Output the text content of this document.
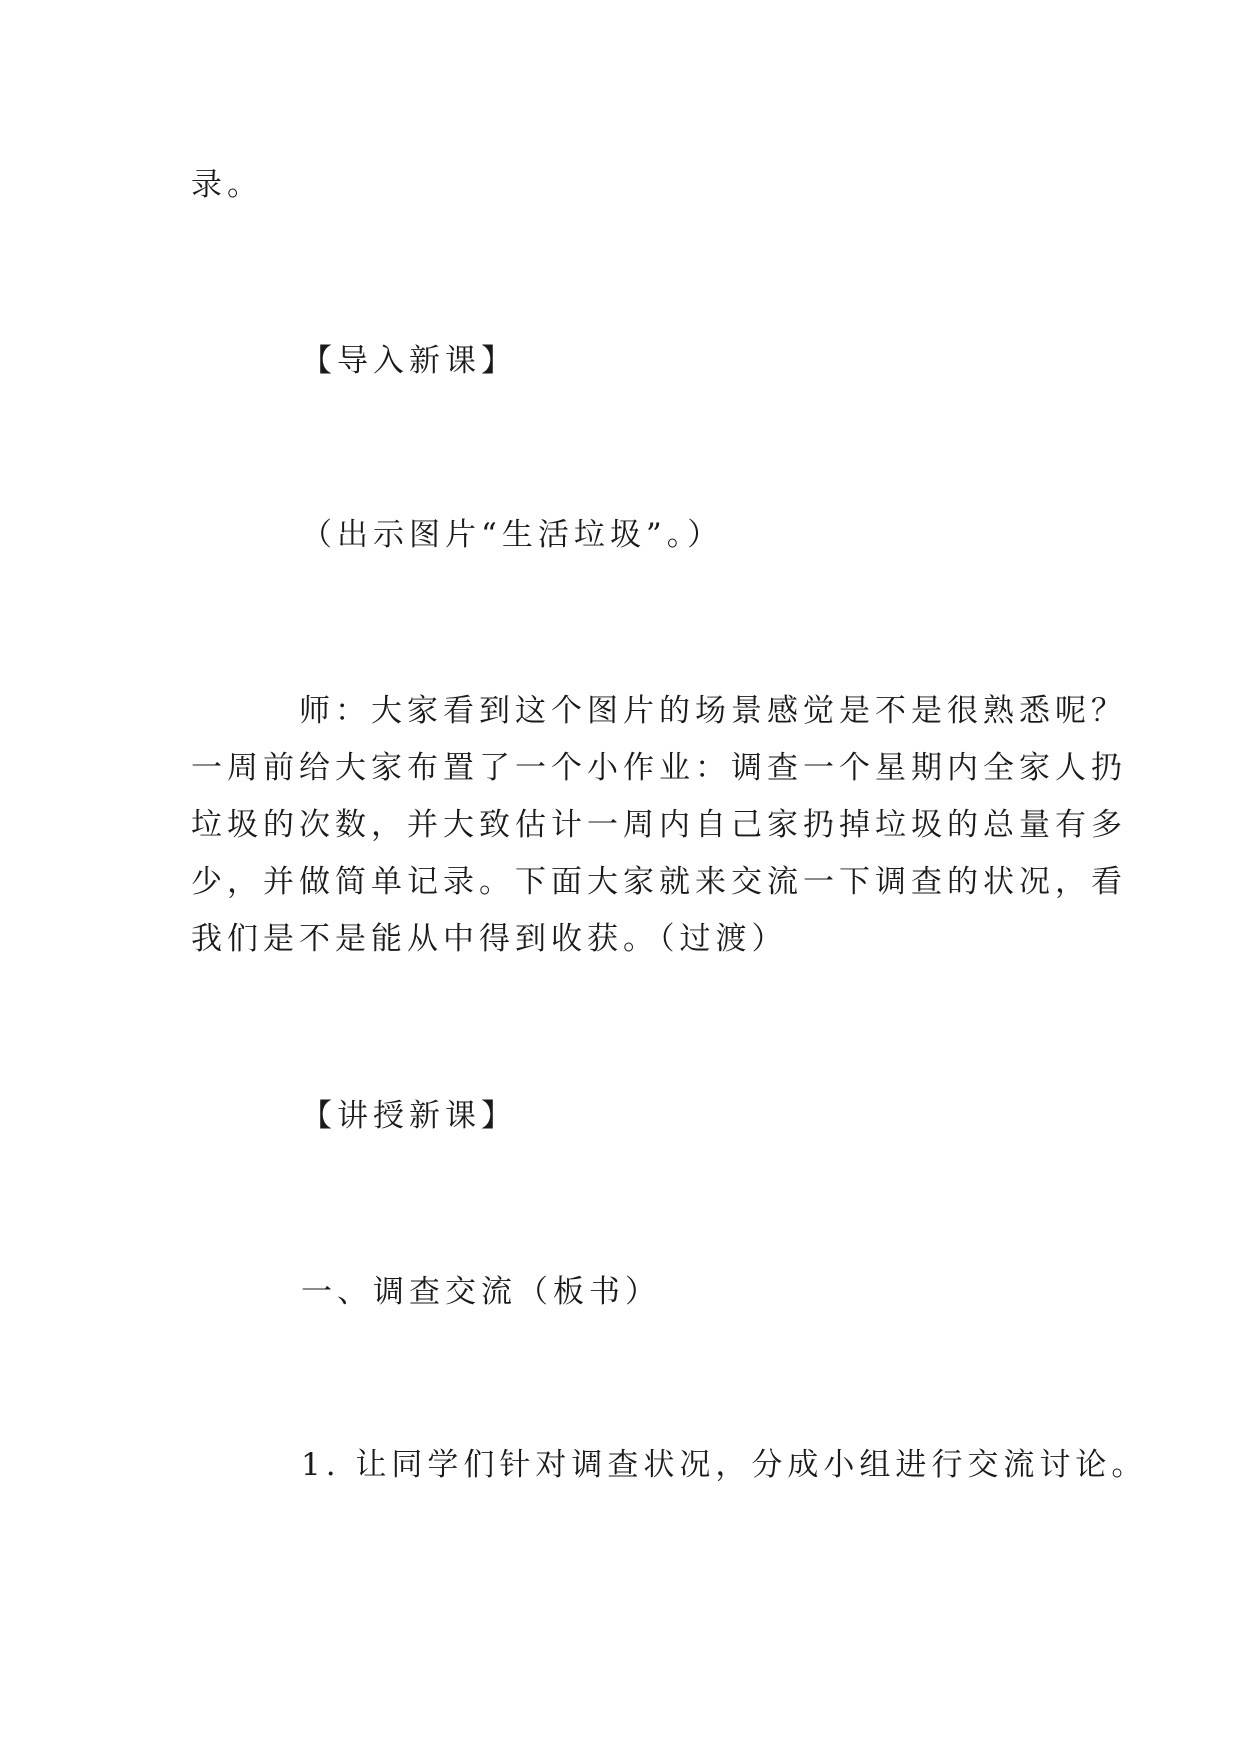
录。
【导入新课】
（出示图片“生活垃圾”。）
　　　师：大家看到这个图片的场景感觉是不是很熟悉呢？
一周前给大家布置了一个小作业：调查一个星期内全家人扔
垃圾的次数，并大致估计一周内自己家扔掉垃圾的总量有多
少，并做简单记录。下面大家就来交流一下调查的状况，看
我们是不是能从中得到收获。（过渡）
【讲授新课】
一、调查交流（板书）
1. 让同学们针对调查状况，分成小组进行交流讨论。
